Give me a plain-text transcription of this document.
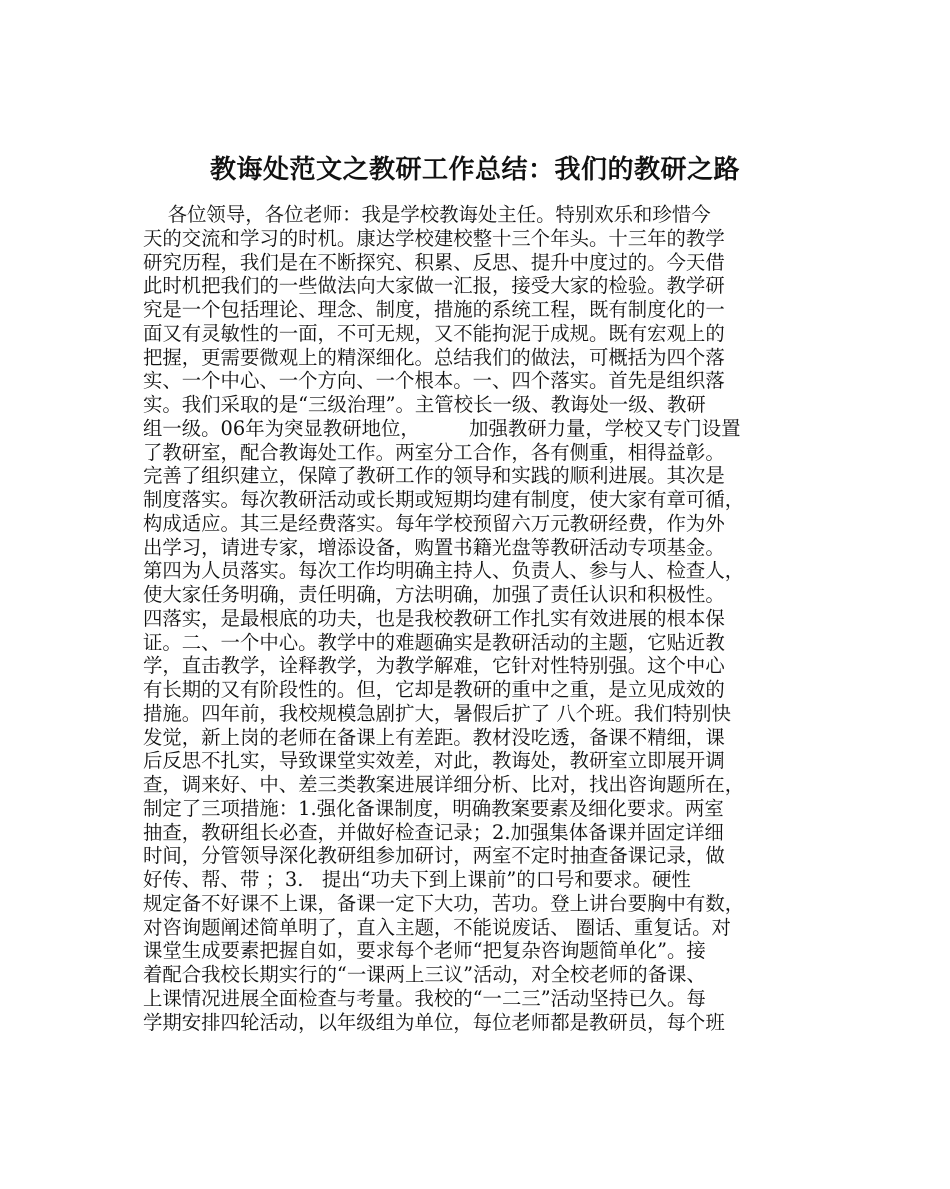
教诲处范文之教研工作总结：我们的教研之路
各位领导，各位老师：我是学校教诲处主任。特别欢乐和珍惜今
天的交流和学习的时机。康达学校建校整十三个年头。十三年的教学
研究历程，我们是在不断探究、积累、反思、提升中度过的。今天借
此时机把我们的一些做法向大家做一汇报，接受大家的检验。教学研
究是一个包括理论、理念、制度，措施的系统工程，既有制度化的一
面又有灵敏性的一面，不可无规，又不能拘泥于成规。既有宏观上的
把握，更需要微观上的精深细化。总结我们的做法，可概括为四个落
实、一个中心、一个方向、一个根本。一、四个落实。首先是组织落
实。我们采取的是“三级治理”。主管校长一级、教诲处一级、教研
组一级。06年为突显教研地位，        加强教研力量，学校又专门设置
了教研室，配合教诲处工作。两室分工合作，各有侧重，相得益彰。
完善了组织建立，保障了教研工作的领导和实践的顺利进展。其次是
制度落实。每次教研活动或长期或短期均建有制度，使大家有章可循，
构成适应。其三是经费落实。每年学校预留六万元教研经费，作为外
出学习，请进专家，增添设备，购置书籍光盘等教研活动专项基金。
第四为人员落实。每次工作均明确主持人、负责人、参与人、检查人，
使大家任务明确，责任明确，方法明确，加强了责任认识和积极性。
四落实，是最根底的功夫，也是我校教研工作扎实有效进展的根本保
证。二、一个中心。教学中的难题确实是教研活动的主题，它贴近教
学，直击教学，诠释教学，为教学解难，它针对性特别强。这个中心
有长期的又有阶段性的。但，它却是教研的重中之重，是立见成效的
措施。四年前，我校规模急剧扩大，暑假后扩了 八个班。我们特别快
发觉，新上岗的老师在备课上有差距。教材没吃透，备课不精细，课
后反思不扎实，导致课堂实效差，对此，教诲处，教研室立即展开调
查，调来好、中、差三类教案进展详细分析、比对，找出咨询题所在，
制定了三项措施：1.强化备课制度，明确教案要素及细化要求。两室
抽查，教研组长必查，并做好检查记录；2.加强集体备课并固定详细
时间，分管领导深化教研组参加研讨，两室不定时抽查备课记录，做
好传、帮、带 ；3.   提出“功夫下到上课前”的口号和要求。硬性
规定备不好课不上课，备课一定下大功，苦功。登上讲台要胸中有数，
对咨询题阐述简单明了，直入主题，不能说废话、 圈话、重复话。对
课堂生成要素把握自如，要求每个老师“把复杂咨询题简单化”。接
着配合我校长期实行的“一课两上三议”活动，对全校老师的备课、
上课情况进展全面检查与考量。我校的“一二三”活动坚持已久。每
学期安排四轮活动，以年级组为单位，每位老师都是教研员，每个班
